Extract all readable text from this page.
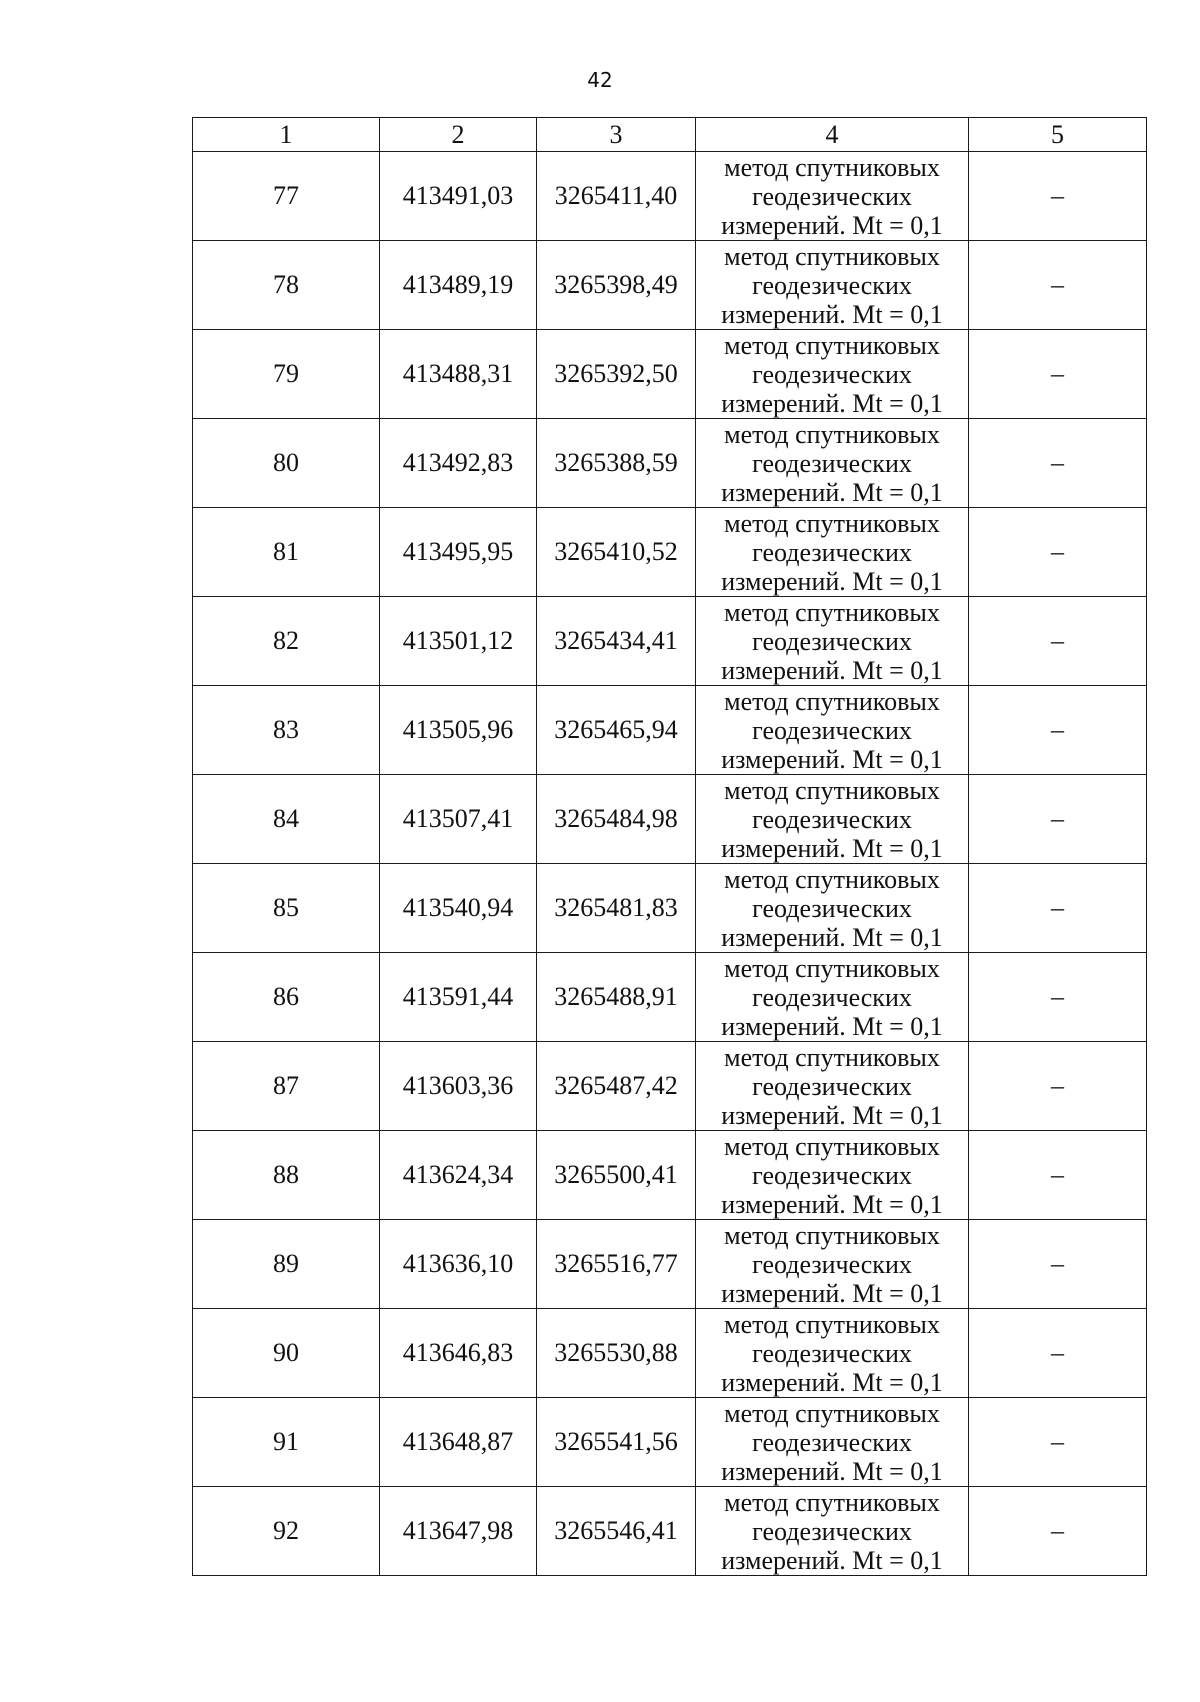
42
1	2	3	4	5
77	413491,03	3265411,40	метод спутниковых
геодезических
измерений. Mt = 0,1	–
78	413489,19	3265398,49	метод спутниковых
геодезических
измерений. Mt = 0,1	–
79	413488,31	3265392,50	метод спутниковых
геодезических
измерений. Mt = 0,1	–
80	413492,83	3265388,59	метод спутниковых
геодезических
измерений. Mt = 0,1	–
81	413495,95	3265410,52	метод спутниковых
геодезических
измерений. Mt = 0,1	–
82	413501,12	3265434,41	метод спутниковых
геодезических
измерений. Mt = 0,1	–
83	413505,96	3265465,94	метод спутниковых
геодезических
измерений. Mt = 0,1	–
84	413507,41	3265484,98	метод спутниковых
геодезических
измерений. Mt = 0,1	–
85	413540,94	3265481,83	метод спутниковых
геодезических
измерений. Mt = 0,1	–
86	413591,44	3265488,91	метод спутниковых
геодезических
измерений. Mt = 0,1	–
87	413603,36	3265487,42	метод спутниковых
геодезических
измерений. Mt = 0,1	–
88	413624,34	3265500,41	метод спутниковых
геодезических
измерений. Mt = 0,1	–
89	413636,10	3265516,77	метод спутниковых
геодезических
измерений. Mt = 0,1	–
90	413646,83	3265530,88	метод спутниковых
геодезических
измерений. Mt = 0,1	–
91	413648,87	3265541,56	метод спутниковых
геодезических
измерений. Mt = 0,1	–
92	413647,98	3265546,41	метод спутниковых
геодезических
измерений. Mt = 0,1	–
